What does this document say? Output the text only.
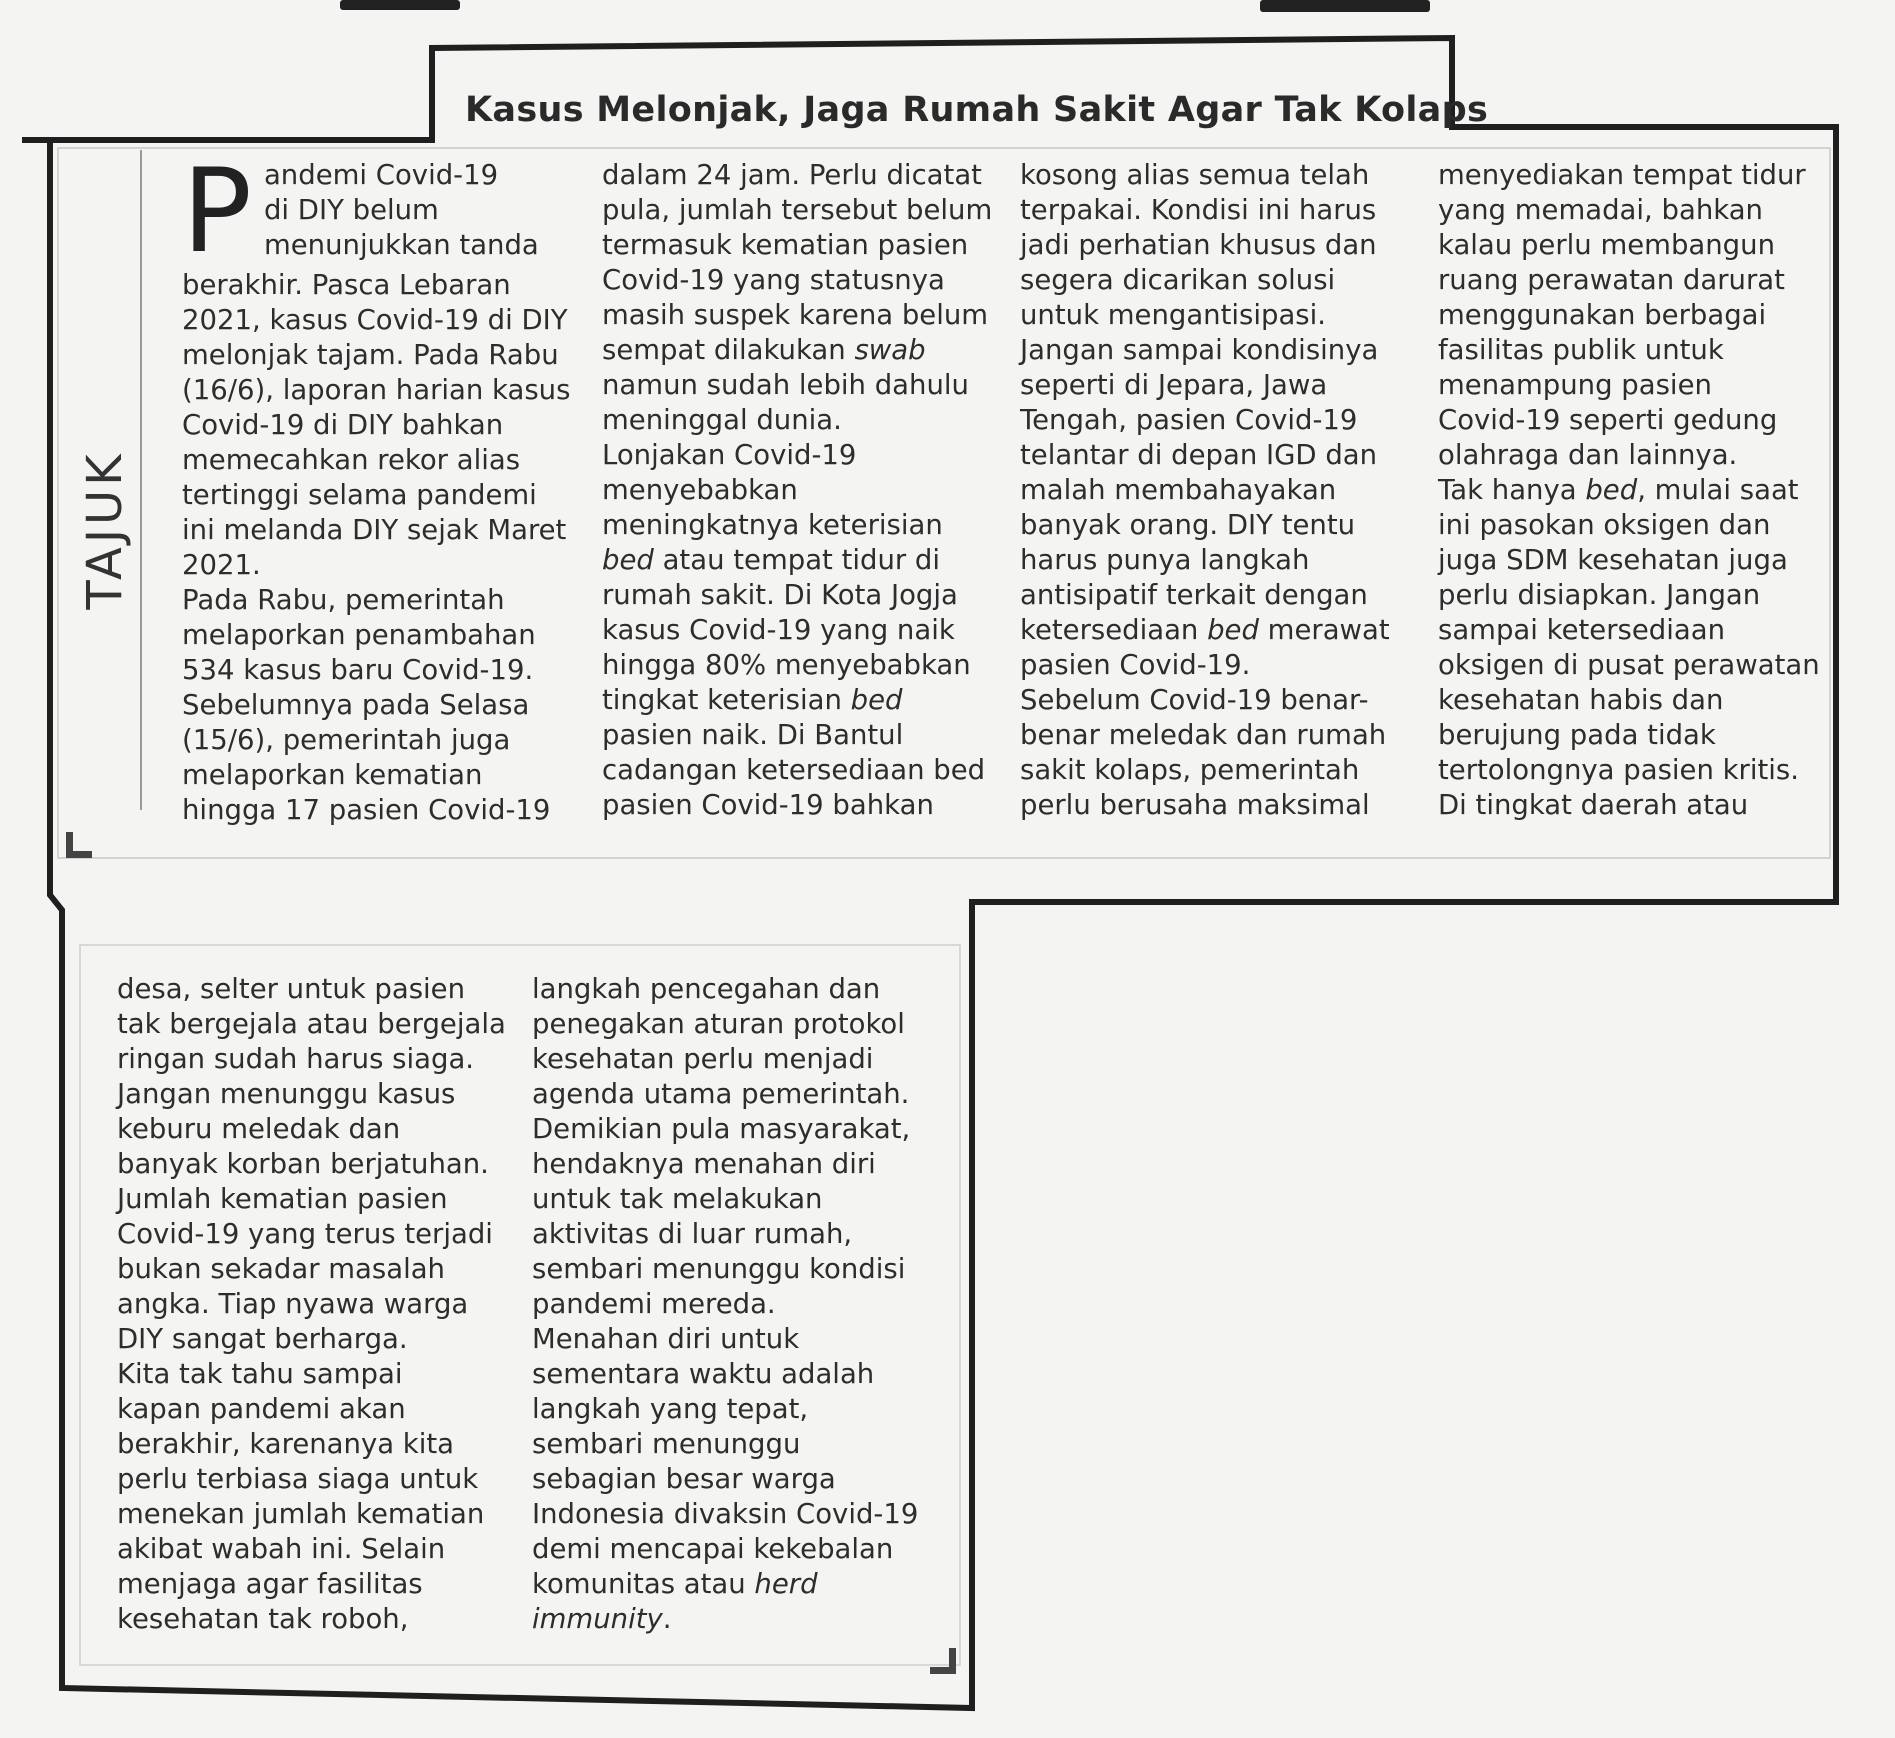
Kasus Melonjak, Jaga Rumah Sakit Agar Tak Kolaps
TAJUK
P andemi Covid-19

di DIY belum

menunjukkan tanda

berakhir. Pasca Lebaran

2021, kasus Covid-19 di DIY

melonjak tajam. Pada Rabu

(16/6), laporan harian kasus

Covid-19 di DIY bahkan

memecahkan rekor alias

tertinggi selama pandemi

ini melanda DIY sejak Maret

2021.

Pada Rabu, pemerintah

melaporkan penambahan

534 kasus baru Covid-19.

Sebelumnya pada Selasa

(15/6), pemerintah juga

melaporkan kematian

hingga 17 pasien Covid-19

dalam 24 jam. Perlu dicatat

pula, jumlah tersebut belum

termasuk kematian pasien

Covid-19 yang statusnya

masih suspek karena belum

sempat dilakukan swab

namun sudah lebih dahulu

meninggal dunia.

Lonjakan Covid-19

menyebabkan

meningkatnya keterisian

bed atau tempat tidur di

rumah sakit. Di Kota Jogja

kasus Covid-19 yang naik

hingga 80% menyebabkan

tingkat keterisian bed

pasien naik. Di Bantul

cadangan ketersediaan bed

pasien Covid-19 bahkan

kosong alias semua telah

terpakai. Kondisi ini harus

jadi perhatian khusus dan

segera dicarikan solusi

untuk mengantisipasi.

Jangan sampai kondisinya

seperti di Jepara, Jawa

Tengah, pasien Covid-19

telantar di depan IGD dan

malah membahayakan

banyak orang. DIY tentu

harus punya langkah

antisipatif terkait dengan

ketersediaan bed merawat

pasien Covid-19.

Sebelum Covid-19 benar-

benar meledak dan rumah

sakit kolaps, pemerintah

perlu berusaha maksimal

menyediakan tempat tidur

yang memadai, bahkan

kalau perlu membangun

ruang perawatan darurat

menggunakan berbagai

fasilitas publik untuk

menampung pasien

Covid-19 seperti gedung

olahraga dan lainnya.

Tak hanya bed, mulai saat

ini pasokan oksigen dan

juga SDM kesehatan juga

perlu disiapkan. Jangan

sampai ketersediaan

oksigen di pusat perawatan

kesehatan habis dan

berujung pada tidak

tertolongnya pasien kritis.

Di tingkat daerah atau

desa, selter untuk pasien

tak bergejala atau bergejala

ringan sudah harus siaga.

Jangan menunggu kasus

keburu meledak dan

banyak korban berjatuhan.

Jumlah kematian pasien

Covid-19 yang terus terjadi

bukan sekadar masalah

angka. Tiap nyawa warga

DIY sangat berharga.

Kita tak tahu sampai

kapan pandemi akan

berakhir, karenanya kita

perlu terbiasa siaga untuk

menekan jumlah kematian

akibat wabah ini. Selain

menjaga agar fasilitas

kesehatan tak roboh,

langkah pencegahan dan

penegakan aturan protokol

kesehatan perlu menjadi

agenda utama pemerintah.

Demikian pula masyarakat,

hendaknya menahan diri

untuk tak melakukan

aktivitas di luar rumah,

sembari menunggu kondisi

pandemi mereda.

Menahan diri untuk

sementara waktu adalah

langkah yang tepat,

sembari menunggu

sebagian besar warga

Indonesia divaksin Covid-19

demi mencapai kekebalan

komunitas atau herd

immunity.
